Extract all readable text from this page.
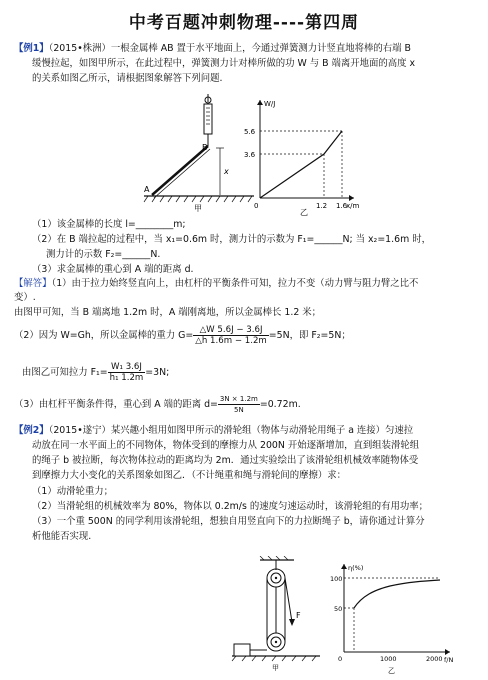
中考百题冲刺物理----第四周
【例1】（2015•株洲）一根金属棒 AB 置于水平地面上，今通过弹簧测力计竖直地将棒的右端 B
缓慢拉起，如图甲所示，在此过程中，弹簧测力计对棒所做的功 W 与 B 端离开地面的高度 x
的关系如图乙所示，请根据图象解答下列问题.
B
x
A
甲
W/J
x/m
5.6
3.6
1.2 1.6
0
乙
（1）该金属棒的长度 l=________m;
（2）在 B 端拉起的过程中，当 x₁=0.6m 时，测力计的示数为 F₁=______N; 当 x₂=1.6m 时，
测力计的示数 F₂=______N.
（3）求金属棒的重心到 A 端的距离 d.
【解答】（1）由于拉力始终竖直向上，由杠杆的平衡条件可知，拉力不变（动力臂与阻力臂之比不
变）.
由图甲可知，当 B 端离地 1.2m 时，A 端刚离地，所以金属棒长 1.2 米；
（2）因为 W=Gh，所以金属棒的重力 $G= \frac{\triangle W 5.6J - 3.6J}{\triangle h 1.6m - 1.2m} =5N$，即 F₂=5N；
由图乙可知拉力 $F_1= \frac{\text{W₁ 3.6J}}{\text{h₁ 1.2m}} =3N$;
（3）由杠杆平衡条件得，重心到 A 端的距离 $d= \frac{3N \times 1.2m}{5N} =0.72m$.
【例2】（2015•遂宁）某兴趣小组用如图甲所示的滑轮组（物体与动滑轮用绳子 a 连接）匀速拉
动放在同一水平面上的不同物体，物体受到的摩擦力从 200N 开始逐渐增加，直到组装滑轮组
的绳子 b 被拉断，每次物体拉动的距离均为 2m．通过实验绘出了该滑轮组机械效率随物体受
到摩擦力大小变化的关系图象如图乙．（不计绳重和绳与滑轮间的摩擦）求：
（1）动滑轮重力；
（2）当滑轮组的机械效率为 80%，物体以 0.2m/s 的速度匀速运动时，该滑轮组的有用功率；
（3）一个重 500N 的同学利用该滑轮组，想独自用竖直向下的力拉断绳子 b，请你通过计算分
析他能否实现.
F
甲
η(%)
f/N
100
50
1000	2000
0
乙
